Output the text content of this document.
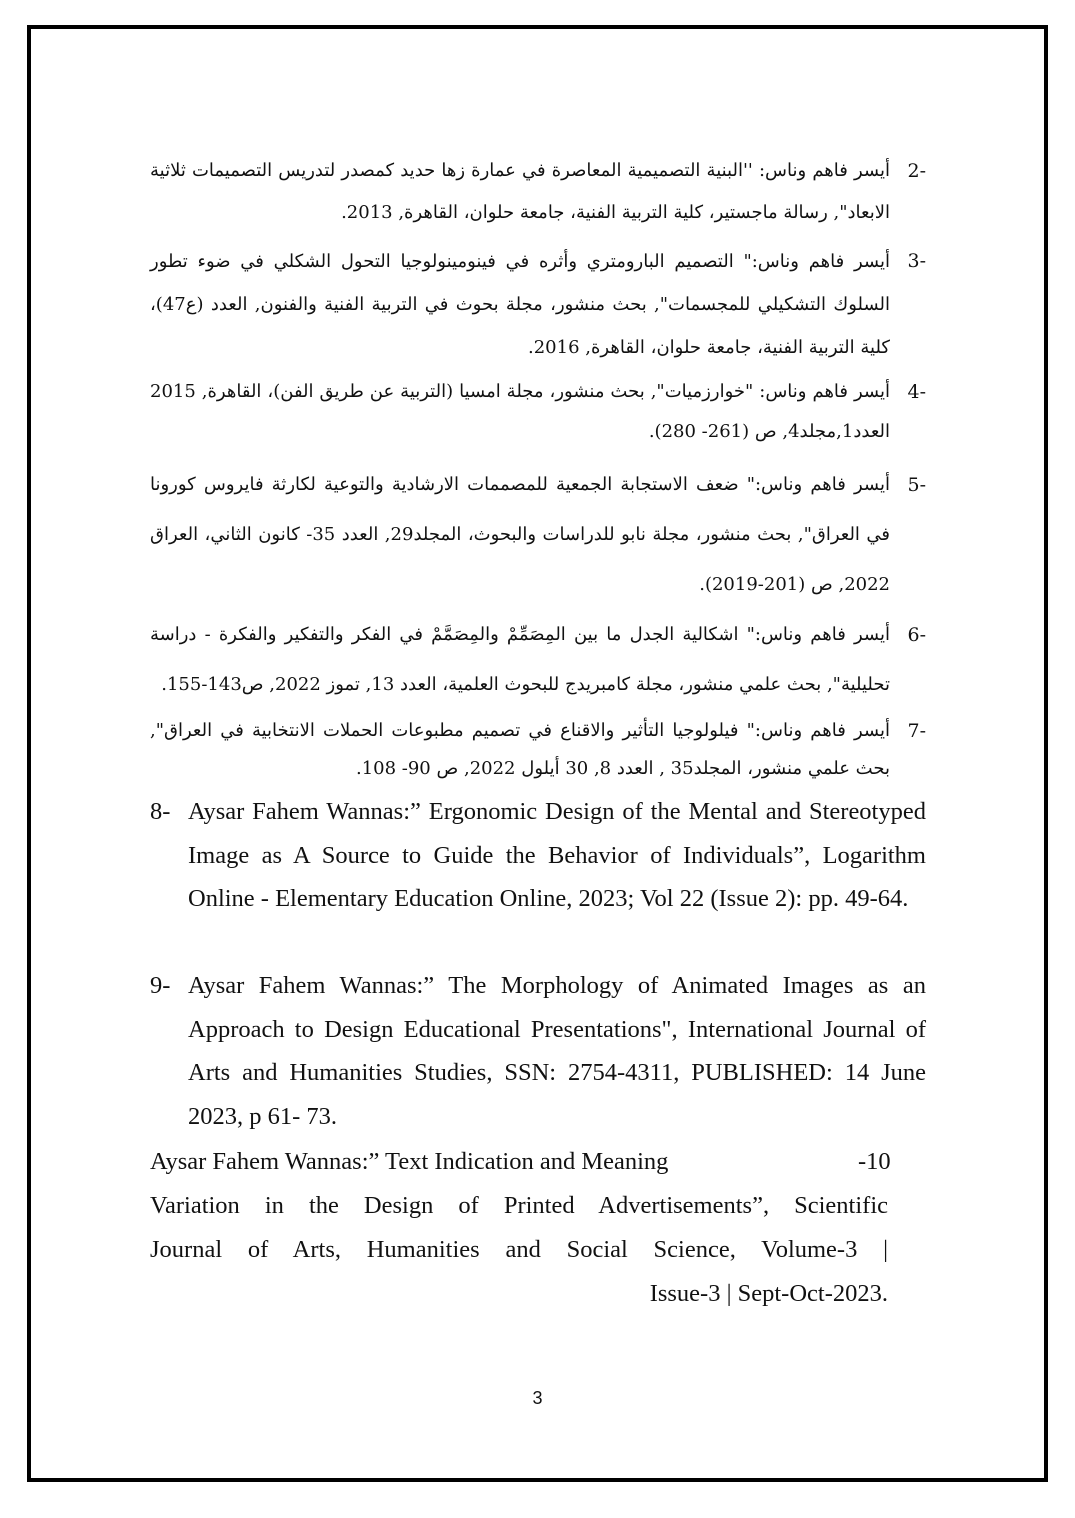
-2
أيسر فاهم وناس: ''البنية التصميمية المعاصرة في عمارة زها حديد كمصدر لتدريس التصميمات ثلاثية الابعاد", رسالة ماجستير، كلية التربية الفنية، جامعة حلوان، القاهرة, 2013.
-3
أيسر فاهم وناس:" التصميم البارومتري وأثره في فينومينولوجيا التحول الشكلي في ضوء تطور السلوك التشكيلي للمجسمات", بحث منشور، مجلة بحوث في التربية الفنية والفنون, العدد (ع47)، كلية التربية الفنية، جامعة حلوان، القاهرة, 2016.
-4
أيسر فاهم وناس: "خوارزميات", بحث منشور، مجلة امسيا (التربية عن طريق الفن)، القاهرة, 2015 العدد1,مجلد4, ص (261- 280).
-5
أيسر فاهم وناس:" ضعف الاستجابة الجمعية للمصممات الارشادية والتوعية لكارثة فايروس كورونا في العراق", بحث منشور، مجلة نابو للدراسات والبحوث، المجلد29, العدد 35- كانون الثاني، العراق 2022, ص (201-2019).
-6
أيسر فاهم وناس:" اشكالية الجدل ما بين المِصَمِّمْ والمِصَمَّمْ في الفكر والتفكير والفكرة - دراسة تحليلية", بحث علمي منشور، مجلة كامبريدج للبحوث العلمية، العدد 13, تموز 2022, ص143-155.
-7
أيسر فاهم وناس:" فيلولوجيا التأثير والاقناع في تصميم مطبوعات الحملات الانتخابية في العراق", بحث علمي منشور، المجلد35 , العدد 8, 30 أيلول 2022, ص 90- 108.
8- Aysar Fahem Wannas:” Ergonomic Design of the Mental and Stereotyped Image as A Source to Guide the Behavior of Individuals”, Logarithm Online - Elementary Education Online, 2023; Vol 22 (Issue 2): pp. 49-64.
9- Aysar Fahem Wannas:” The Morphology of Animated Images as an Approach to Design Educational Presentations", International Journal of Arts and Humanities Studies, SSN: 2754-4311, PUBLISHED: 14 June 2023, p 61- 73.
Aysar Fahem Wannas:” Text Indication and Meaning
Variation in the Design of Printed Advertisements”, Scientific
Journal of Arts, Humanities and Social Science, Volume-3 |
Issue-3 | Sept-Oct-2023.
-10
3
